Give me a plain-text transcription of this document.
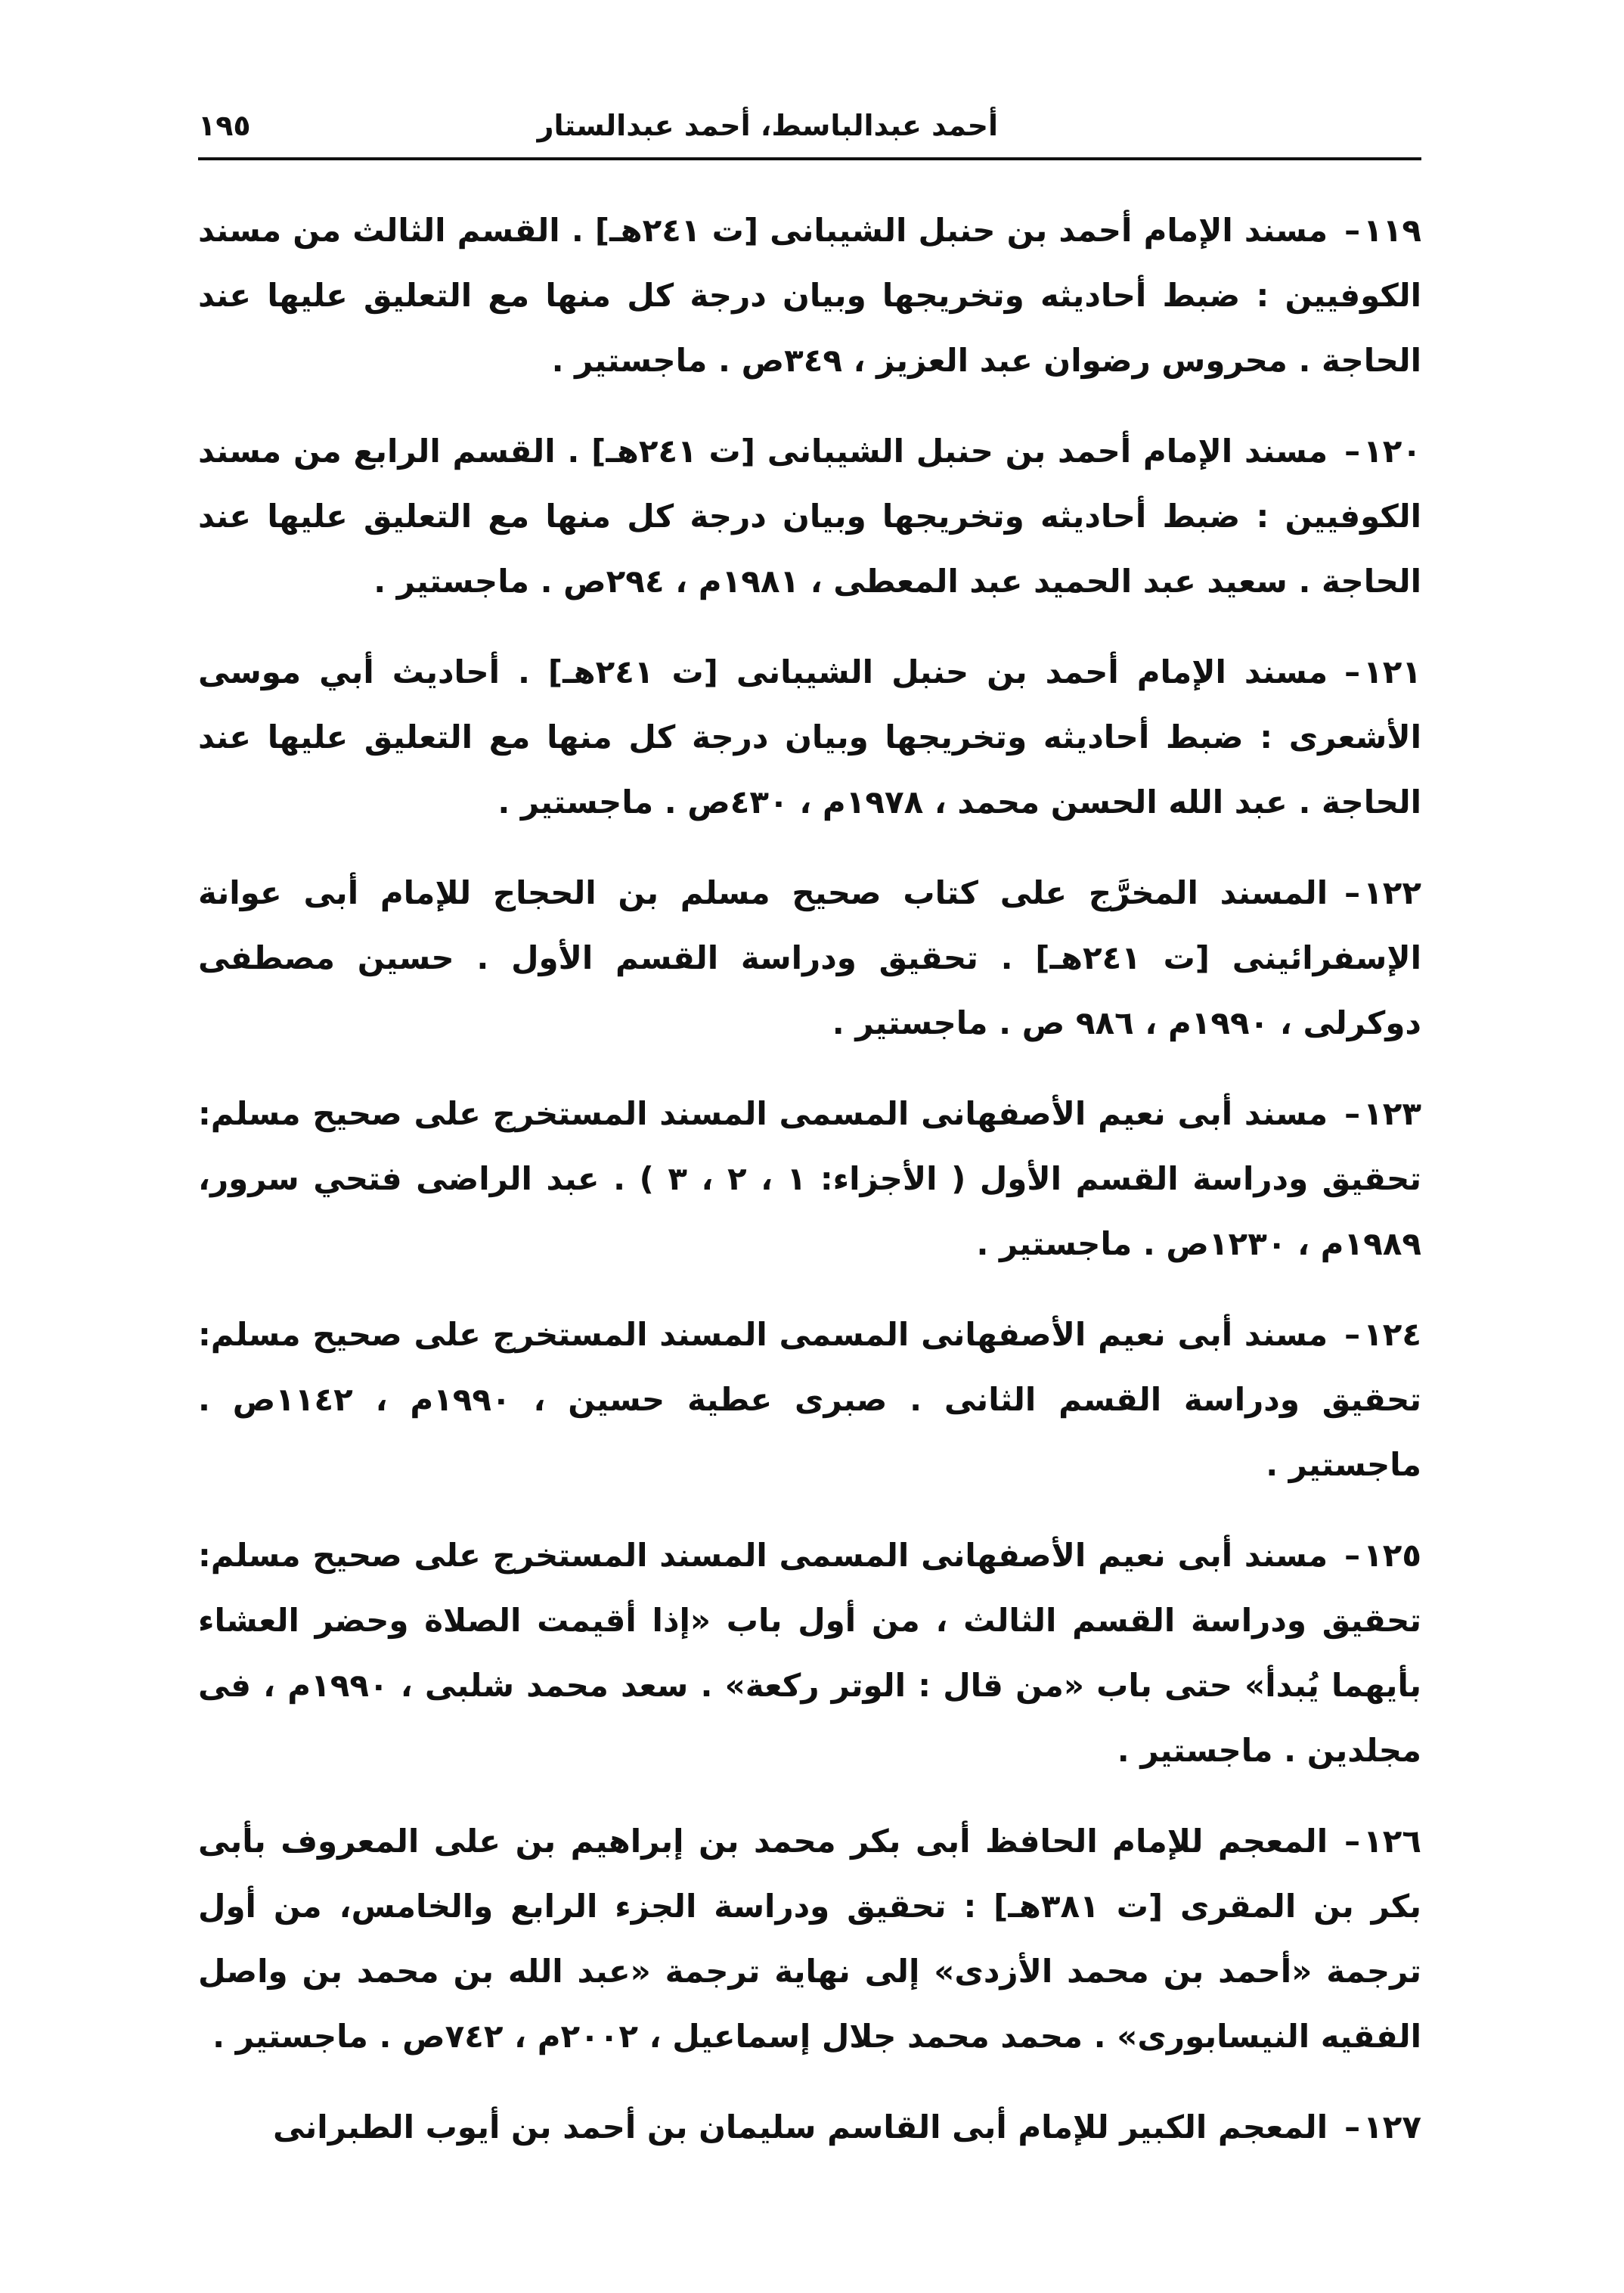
أحمد عبدالباسط، أحمد عبدالستار
١٩٥

١١٩–مسند الإمام أحمد بن حنبل الشيبانى [ت ٢٤١هـ] . القسم الثالث من مسند الكوفيين : ضبط أحاديثه وتخريجها وبيان درجة كل منها مع التعليق عليها عند الحاجة . محروس رضوان عبد العزيز ، ٣٤٩ص . ماجستير .

١٢٠–مسند الإمام أحمد بن حنبل الشيبانى [ت ٢٤١هـ] . القسم الرابع من مسند الكوفيين : ضبط أحاديثه وتخريجها وبيان درجة كل منها مع التعليق عليها عند الحاجة . سعيد عبد الحميد عبد المعطى ، ١٩٨١م ، ٢٩٤ص . ماجستير .

١٢١–مسند الإمام أحمد بن حنبل الشيبانى [ت ٢٤١هـ] . أحاديث أبي موسى الأشعرى : ضبط أحاديثه وتخريجها وبيان درجة كل منها مع التعليق عليها عند الحاجة . عبد الله الحسن محمد ، ١٩٧٨م ، ٤٣٠ص . ماجستير .

١٢٢–المسند المخرَّج على كتاب صحيح مسلم بن الحجاج للإمام أبى عوانة الإسفرائينى [ت ٢٤١هـ] . تحقيق ودراسة القسم الأول . حسين مصطفى دوكرلى ، ١٩٩٠م ، ٩٨٦ ص . ماجستير .

١٢٣–مسند أبى نعيم الأصفهانى المسمى المسند المستخرج على صحيح مسلم: تحقيق ودراسة القسم الأول ( الأجزاء: ١ ، ٢ ، ٣ ) . عبد الراضى فتحي سرور، ١٩٨٩م ، ١٢٣٠ص . ماجستير .

١٢٤–مسند أبى نعيم الأصفهانى المسمى المسند المستخرج على صحيح مسلم: تحقيق ودراسة القسم الثانى . صبرى عطية حسين ، ١٩٩٠م ، ١١٤٢ص . ماجستير .

١٢٥–مسند أبى نعيم الأصفهانى المسمى المسند المستخرج على صحيح مسلم: تحقيق ودراسة القسم الثالث ، من أول باب «إذا أقيمت الصلاة وحضر العشاء بأيهما يُبدأ» حتى باب «من قال : الوتر ركعة» . سعد محمد شلبى ، ١٩٩٠م ، فى مجلدين . ماجستير .

١٢٦–المعجم للإمام الحافظ أبى بكر محمد بن إبراهيم بن على المعروف بأبى بكر بن المقرى [ت ٣٨١هـ] : تحقيق ودراسة الجزء الرابع والخامس، من أول ترجمة «أحمد بن محمد الأزدى» إلى نهاية ترجمة «عبد الله بن محمد بن واصل الفقيه النيسابورى» . محمد محمد جلال إسماعيل ، ٢٠٠٢م ، ٧٤٢ص . ماجستير .

١٢٧–المعجم الكبير للإمام أبى القاسم سليمان بن أحمد بن أيوب الطبرانى
